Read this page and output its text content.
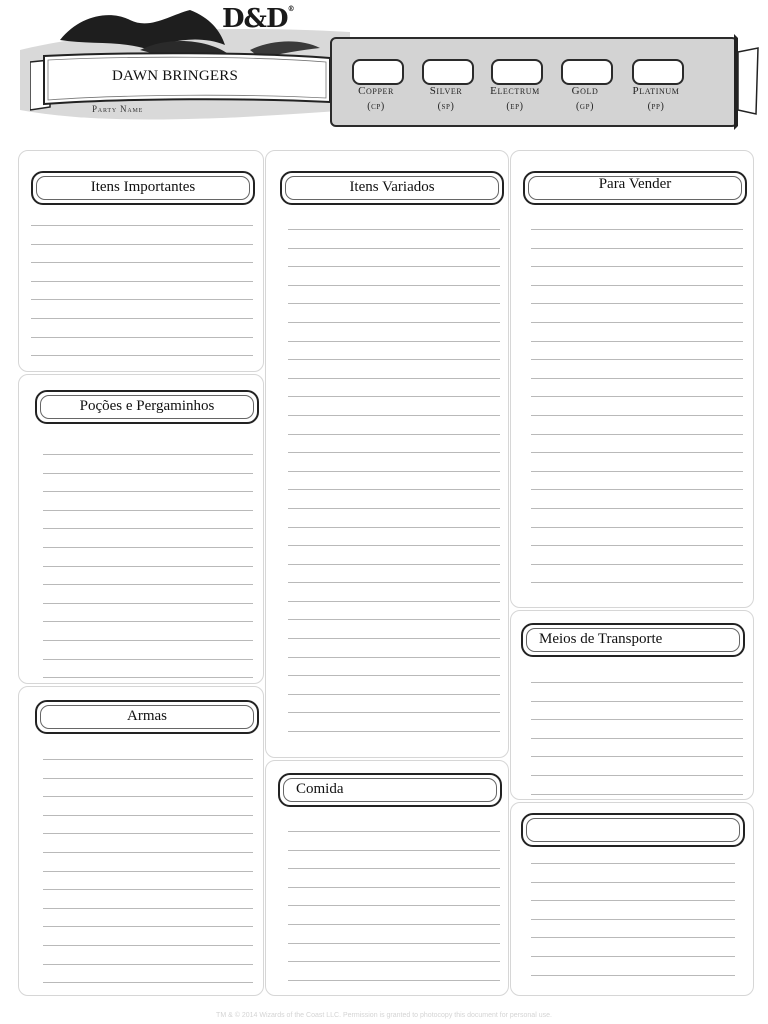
D&D®
DAWN BRINGERS
Party Name
Copper
(cp)
Silver
(sp)
Electrum
(ep)
Gold
(gp)
Platinum
(pp)
Itens Importantes
Poções e Pergaminhos
Armas
Itens Variados
Comida
Para Vender
Meios de Transporte
TM & © 2014 Wizards of the Coast LLC. Permission is granted to photocopy this document for personal use.
